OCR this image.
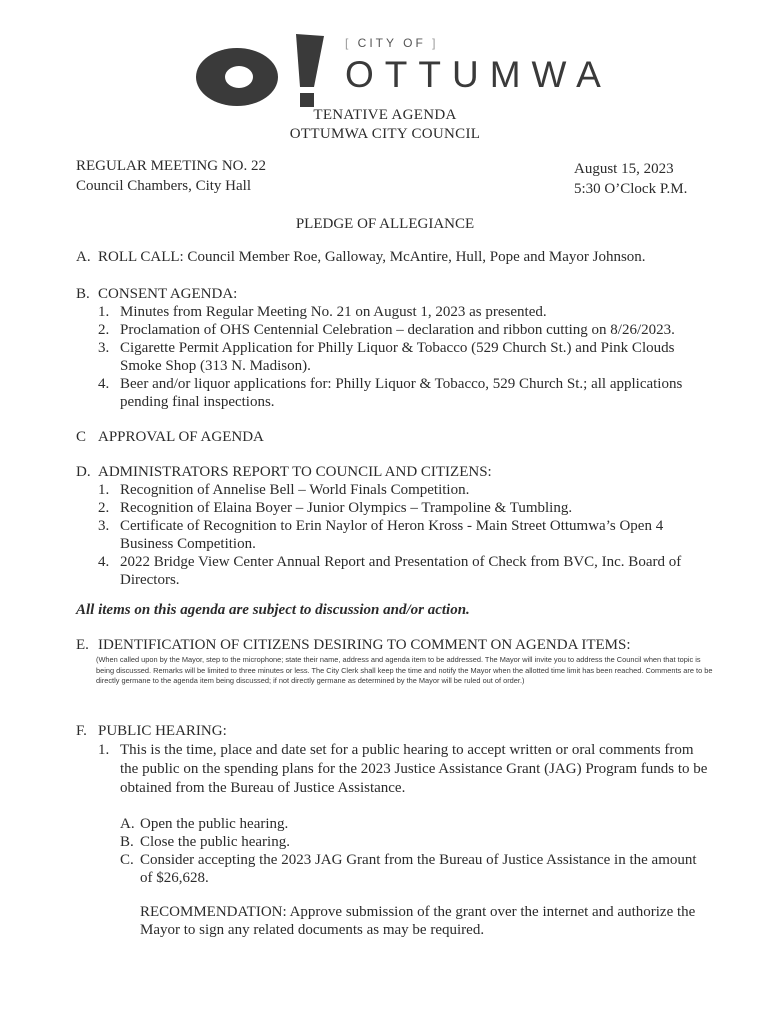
[ CITY OF ]
OTTUMWA
TENATIVE AGENDA
OTTUMWA CITY COUNCIL
REGULAR MEETING NO. 22
Council Chambers, City Hall
August 15, 2023
5:30 O’Clock P.M.
PLEDGE OF ALLEGIANCE
A. ROLL CALL: Council Member Roe, Galloway, McAntire, Hull, Pope and Mayor Johnson.
B. CONSENT AGENDA:
1. Minutes from Regular Meeting No. 21 on August 1, 2023 as presented.
2. Proclamation of OHS Centennial Celebration – declaration and ribbon cutting on 8/26/2023.
3. Cigarette Permit Application for Philly Liquor & Tobacco (529 Church St.) and Pink Clouds
Smoke Shop (313 N. Madison).
4. Beer and/or liquor applications for: Philly Liquor & Tobacco, 529 Church St.; all applications
pending final inspections.
C APPROVAL OF AGENDA
D. ADMINISTRATORS REPORT TO COUNCIL AND CITIZENS:
1. Recognition of Annelise Bell – World Finals Competition.
2. Recognition of Elaina Boyer – Junior Olympics – Trampoline & Tumbling.
3. Certificate of Recognition to Erin Naylor of Heron Kross - Main Street Ottumwa’s Open 4
Business Competition.
4. 2022 Bridge View Center Annual Report and Presentation of Check from BVC, Inc. Board of
Directors.
All items on this agenda are subject to discussion and/or action.
E. IDENTIFICATION OF CITIZENS DESIRING TO COMMENT ON AGENDA ITEMS:
(When called upon by the Mayor, step to the microphone; state their name, address and agenda item to be addressed. The Mayor will invite you to address the Council when that topic is being discussed. Remarks will be limited to three minutes or less. The City Clerk shall keep the time and notify the Mayor when the allotted time limit has been reached. Comments are to be directly germane to the agenda item being discussed; if not directly germane as determined by the Mayor will be ruled out of order.)
F. PUBLIC HEARING:
1. This is the time, place and date set for a public hearing to accept written or oral comments from
the public on the spending plans for the 2023 Justice Assistance Grant (JAG) Program funds to be
obtained from the Bureau of Justice Assistance.
A. Open the public hearing.
B. Close the public hearing.
C. Consider accepting the 2023 JAG Grant from the Bureau of Justice Assistance in the amount
of $26,628.
RECOMMENDATION: Approve submission of the grant over the internet and authorize the
Mayor to sign any related documents as may be required.
